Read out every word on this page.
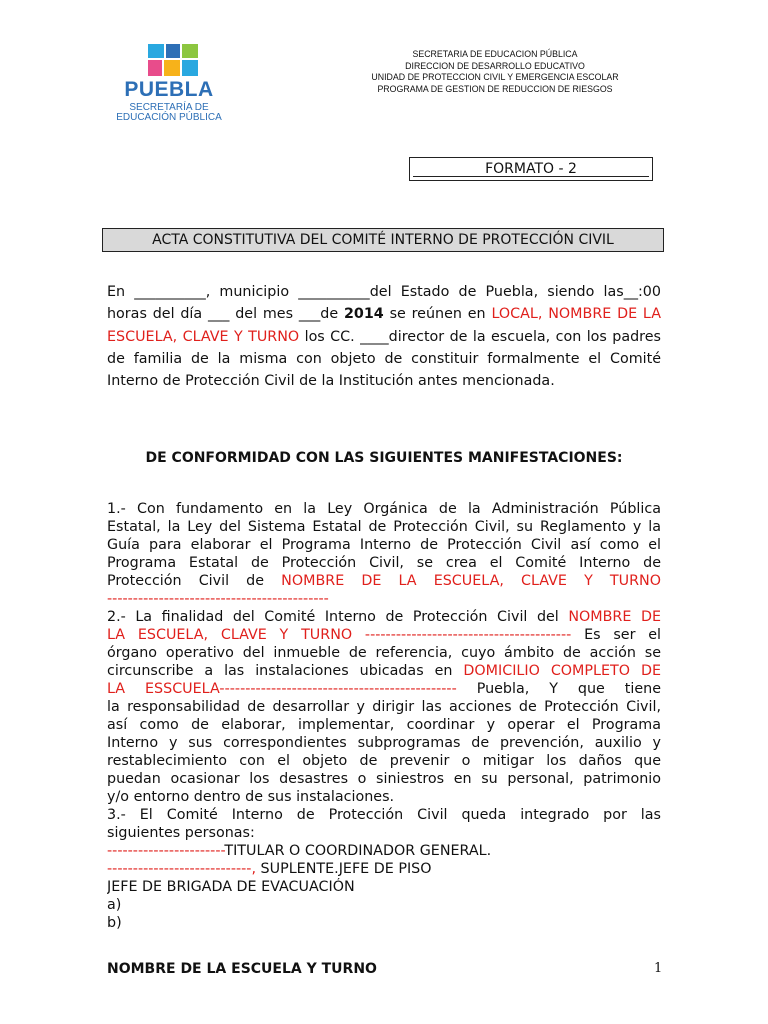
PUEBLA
SECRETARÍA DE
EDUCACIÓN PÚBLICA
SECRETARIA DE EDUCACION PÚBLICA
DIRECCION DE DESARROLLO EDUCATIVO
UNIDAD DE PROTECCION CIVIL Y EMERGENCIA ESCOLAR
PROGRAMA DE GESTION DE REDUCCION DE RIESGOS
FORMATO - 2
ACTA CONSTITUTIVA DEL COMITÉ INTERNO DE PROTECCIÓN CIVIL
En __________, municipio __________del Estado de Puebla, siendo las__:00 horas del día ___ del mes ___de 2014 se reúnen en LOCAL, NOMBRE DE LA ESCUELA, CLAVE Y TURNO los CC. ____director de la escuela, con los padres de familia de la misma con objeto de constituir formalmente el Comité Interno de Protección Civil de la Institución antes mencionada.
DE CONFORMIDAD CON LAS SIGUIENTES MANIFESTACIONES:
1.- Con fundamento en la Ley Orgánica de la Administración Pública
Estatal, la Ley del Sistema Estatal de Protección Civil, su Reglamento y la
Guía para elaborar el Programa Interno de Protección Civil así como el
Programa Estatal de Protección Civil, se crea el Comité Interno de
Protección Civil de NOMBRE DE LA ESCUELA, CLAVE Y TURNO
-------------------------------------------
2.- La finalidad del Comité Interno de Protección Civil del NOMBRE DE
LA ESCUELA, CLAVE Y TURNO ---------------------------------------- Es ser el
órgano operativo del inmueble de referencia, cuyo ámbito de acción se
circunscribe a las instalaciones ubicadas en DOMICILIO COMPLETO DE
LA ESSCUELA---------------------------------------------- Puebla, Y que tiene
la responsabilidad de desarrollar y dirigir las acciones de Protección Civil,
así como de elaborar, implementar, coordinar y operar el Programa
Interno y sus correspondientes subprogramas de prevención, auxilio y
restablecimiento con el objeto de prevenir o mitigar los daños que
puedan ocasionar los desastres o siniestros en su personal, patrimonio
y/o entorno dentro de sus instalaciones.
3.- El Comité Interno de Protección Civil queda integrado por las
siguientes personas:
-----------------------TITULAR O COORDINADOR GENERAL.
----------------------------, SUPLENTE.JEFE DE PISO
JEFE DE BRIGADA DE EVACUACIÓN
a)
b)
NOMBRE DE LA ESCUELA Y TURNO	1
